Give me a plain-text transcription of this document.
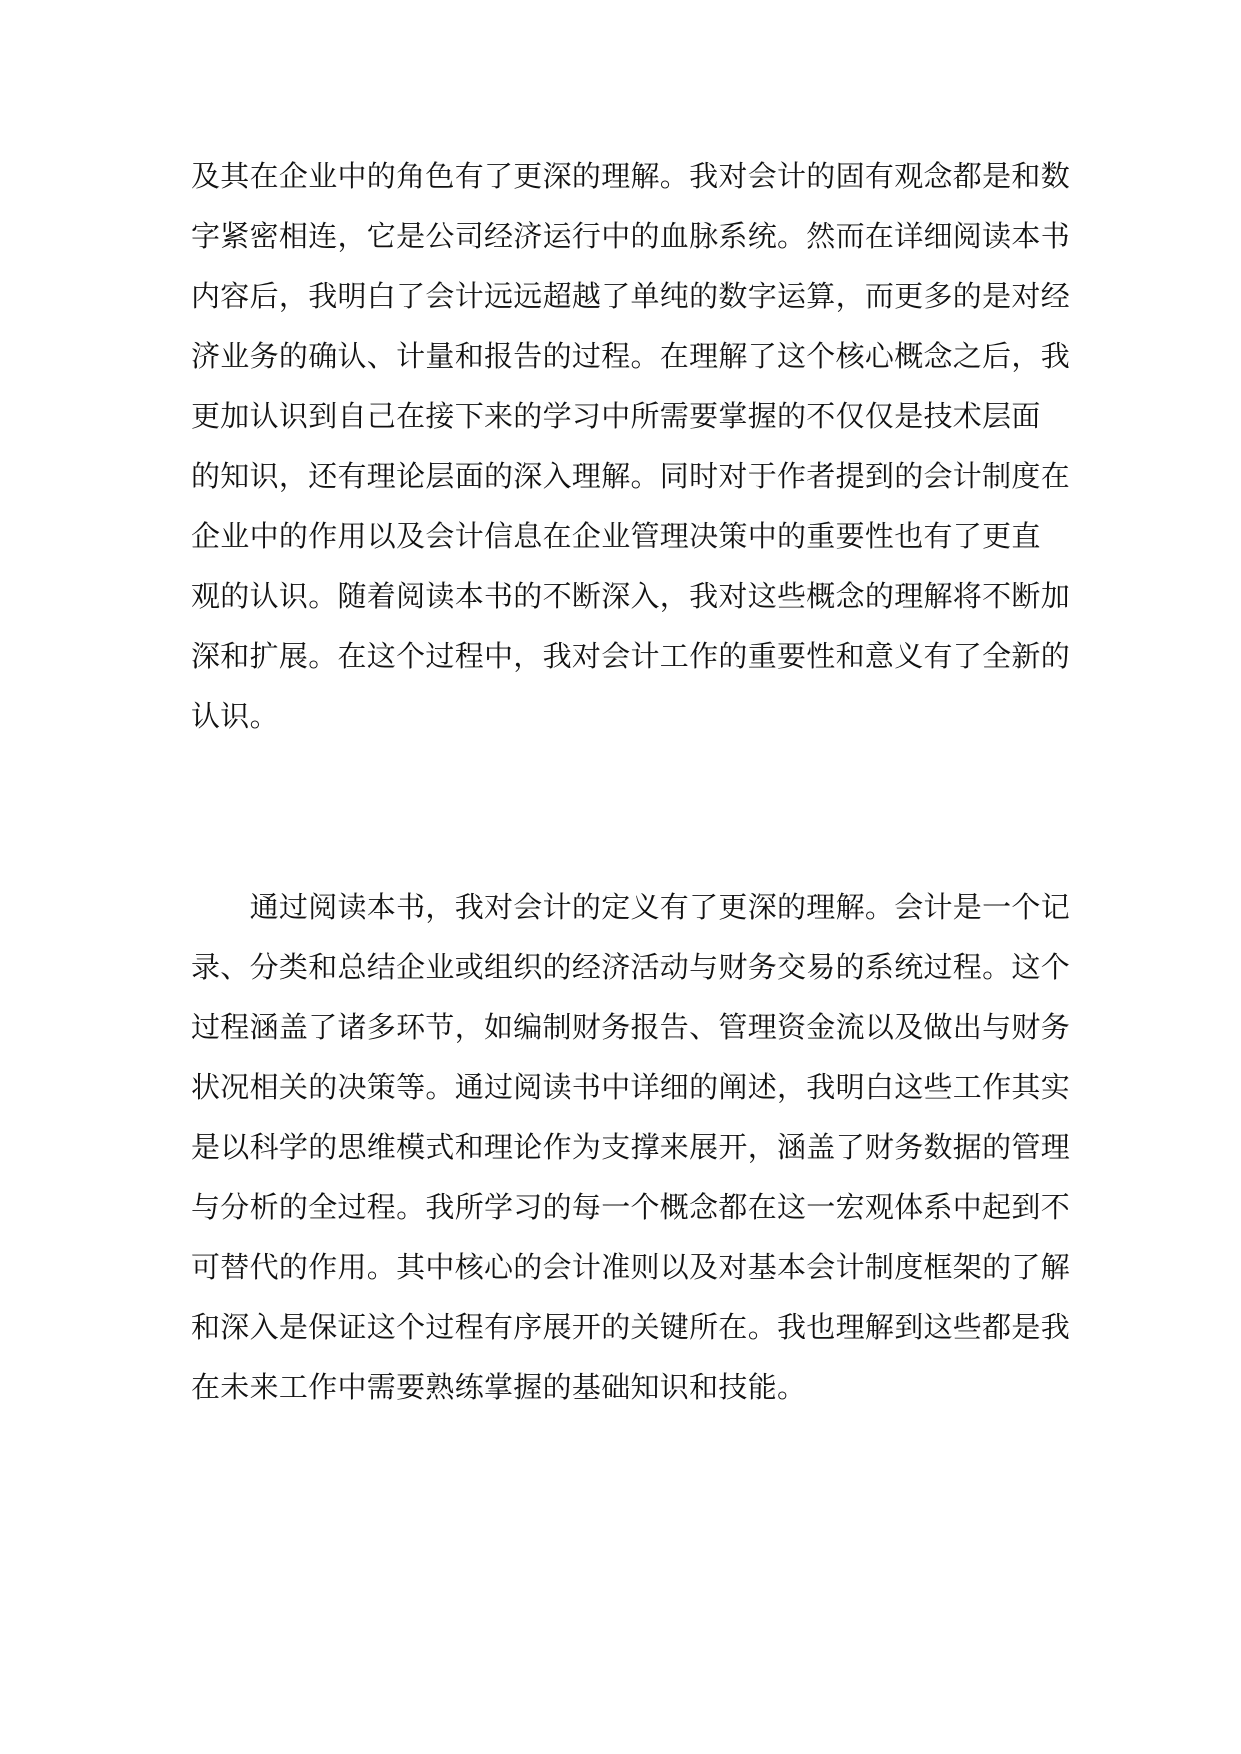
及其在企业中的角色有了更深的理解。我对会计的固有观念都是和数
字紧密相连，它是公司经济运行中的血脉系统。然而在详细阅读本书
内容后，我明白了会计远远超越了单纯的数字运算，而更多的是对经
济业务的确认、计量和报告的过程。在理解了这个核心概念之后，我
更加认识到自己在接下来的学习中所需要掌握的不仅仅是技术层面
的知识，还有理论层面的深入理解。同时对于作者提到的会计制度在
企业中的作用以及会计信息在企业管理决策中的重要性也有了更直
观的认识。随着阅读本书的不断深入，我对这些概念的理解将不断加
深和扩展。在这个过程中，我对会计工作的重要性和意义有了全新的
认识。
　　通过阅读本书，我对会计的定义有了更深的理解。会计是一个记
录、分类和总结企业或组织的经济活动与财务交易的系统过程。这个
过程涵盖了诸多环节，如编制财务报告、管理资金流以及做出与财务
状况相关的决策等。通过阅读书中详细的阐述，我明白这些工作其实
是以科学的思维模式和理论作为支撑来展开，涵盖了财务数据的管理
与分析的全过程。我所学习的每一个概念都在这一宏观体系中起到不
可替代的作用。其中核心的会计准则以及对基本会计制度框架的了解
和深入是保证这个过程有序展开的关键所在。我也理解到这些都是我
在未来工作中需要熟练掌握的基础知识和技能。
